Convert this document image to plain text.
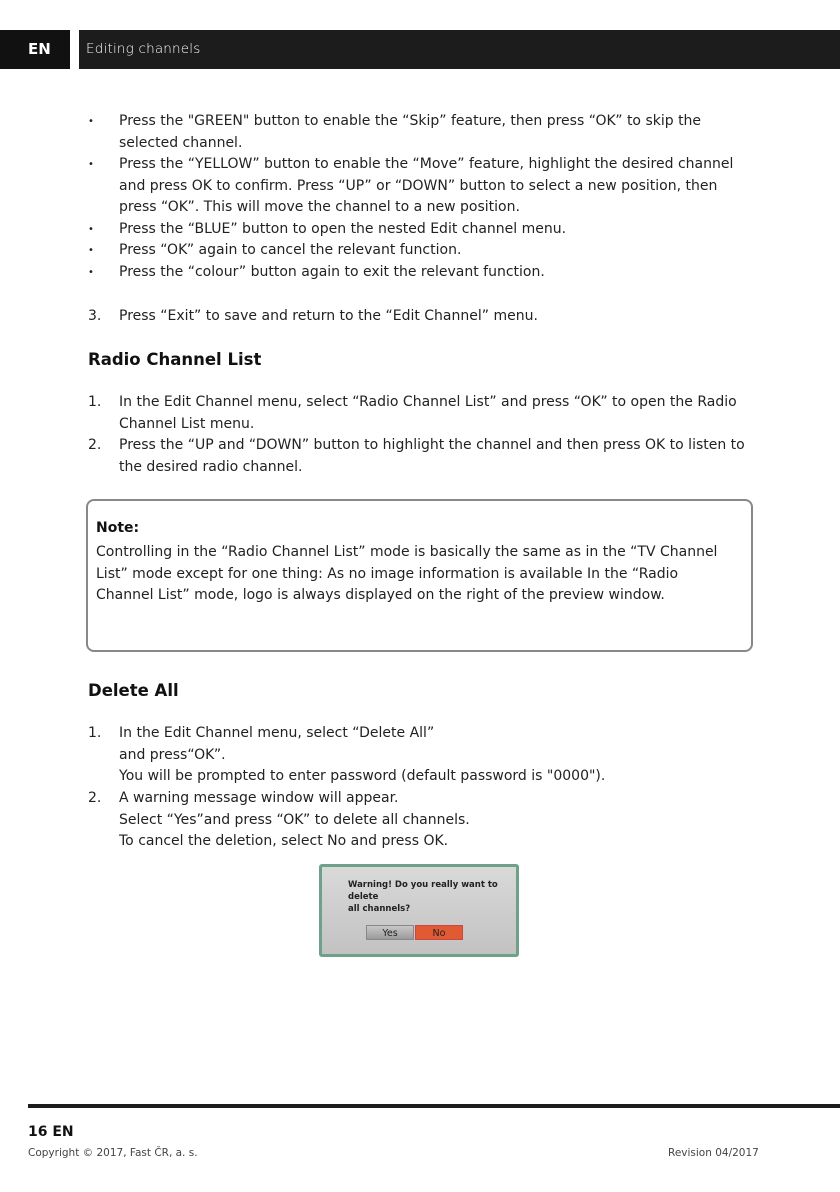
EN	Editing channels
• Press the "GREEN" button to enable the “Skip” feature, then press “OK” to skip the selected channel.
• Press the “YELLOW” button to enable the “Move” feature, highlight the desired channel and press OK to confirm. Press “UP” or “DOWN” button to select a new position, then press “OK”. This will move the channel to a new position.
• Press the “BLUE” button to open the nested Edit channel menu.
• Press “OK” again to cancel the relevant function.
• Press the “colour” button again to exit the relevant function.
3. Press “Exit” to save and return to the “Edit Channel” menu.
Radio Channel List
1. In the Edit Channel menu, select “Radio Channel List” and press “OK” to open the Radio Channel List menu.
2. Press the “UP and “DOWN” button to highlight the channel and then press OK to listen to the desired radio channel.
Note:
Controlling in the “Radio Channel List” mode is basically the same as in the “TV Channel List” mode except for one thing: As no image information is available In the “Radio Channel List” mode, logo is always displayed on the right of the preview window.
Delete All
1. In the Edit Channel menu, select “Delete All”
and press“OK”.
You will be prompted to enter password (default password is "0000").
2. A warning message window will appear.
Select “Yes”and press “OK” to delete all channels.
To cancel the deletion, select No and press OK.
Warning! Do you really want to delete
all channels?
Yes	No
16 EN
Copyright © 2017, Fast ČR, a. s.	Revision 04/2017
